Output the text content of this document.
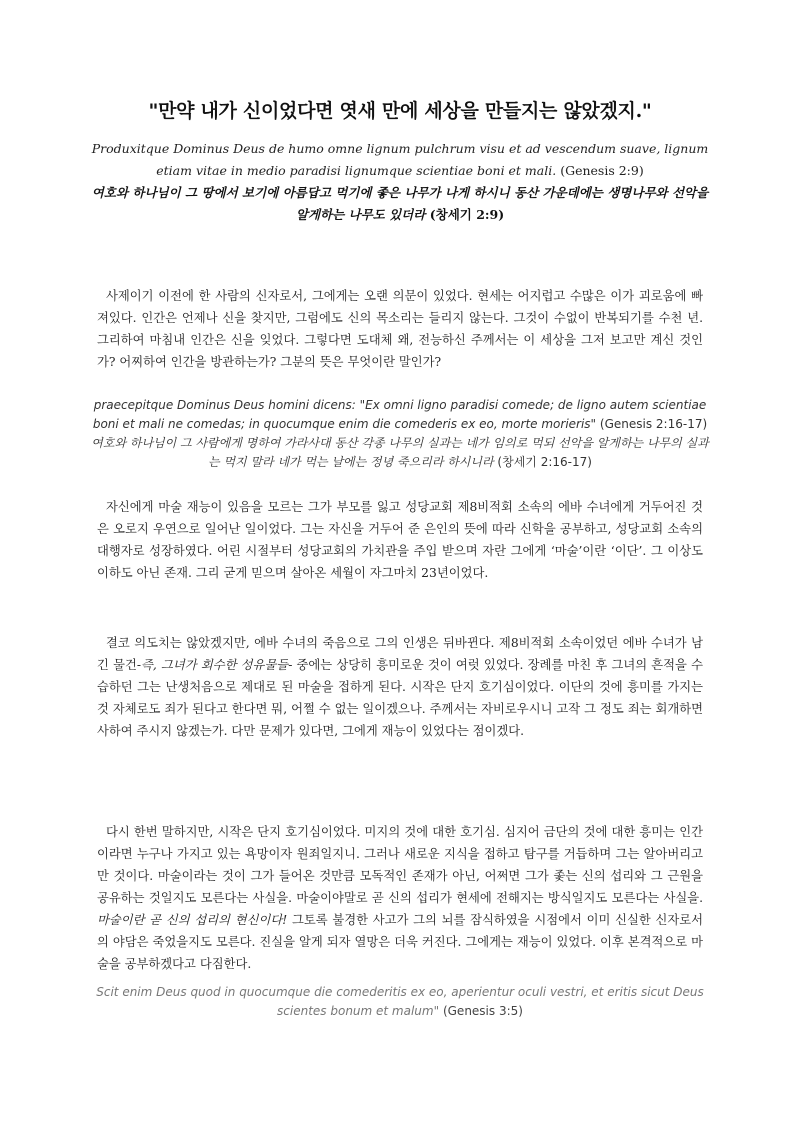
"만약 내가 신이었다면 엿새 만에 세상을 만들지는 않았겠지."
Produxitque Dominus Deus de humo omne lignum pulchrum visu et ad vescendum suave, lignum etiam vitae in medio paradisi lignumque scientiae boni et mali. (Genesis 2:9)
여호와 하나님이 그 땅에서 보기에 아름답고 먹기에 좋은 나무가 나게 하시니 동산 가운데에는 생명나무와 선악을 알게하는 나무도 있더라 (창세기 2:9)
사제이기 이전에 한 사람의 신자로서, 그에게는 오랜 의문이 있었다. 현세는 어지럽고 수많은 이가 괴로움에 빠져있다. 인간은 언제나 신을 찾지만, 그럼에도 신의 목소리는 들리지 않는다. 그것이 수없이 반복되기를 수천 년. 그리하여 마침내 인간은 신을 잊었다. 그렇다면 도대체 왜, 전능하신 주께서는 이 세상을 그저 보고만 계신 것인가? 어찌하여 인간을 방관하는가? 그분의 뜻은 무엇이란 말인가?
praecepitque Dominus Deus homini dicens: "Ex omni ligno paradisi comede; de ligno autem scientiae boni et mali ne comedas; in quocumque enim die comederis ex eo, morte morieris" (Genesis 2:16-17)
여호와 하나님이 그 사람에게 명하여 가라사대 동산 각종 나무의 실과는 네가 임의로 먹되 선악을 알게하는 나무의 실과는 먹지 말라 네가 먹는 날에는 정녕 죽으리라 하시니라 (창세기 2:16-17)
자신에게 마술 재능이 있음을 모르는 그가 부모를 잃고 성당교회 제8비적회 소속의 에바 수녀에게 거두어진 것은 오로지 우연으로 일어난 일이었다. 그는 자신을 거두어 준 은인의 뜻에 따라 신학을 공부하고, 성당교회 소속의 대행자로 성장하였다. 어린 시절부터 성당교회의 가치관을 주입 받으며 자란 그에게 ‘마술’이란 ‘이단’. 그 이상도 이하도 아닌 존재. 그리 굳게 믿으며 살아온 세월이 자그마치 23년이었다.
결코 의도치는 않았겠지만, 에바 수녀의 죽음으로 그의 인생은 뒤바뀐다. 제8비적회 소속이었던 에바 수녀가 남긴 물건-즉, 그녀가 회수한 성유물들- 중에는 상당히 흥미로운 것이 여럿 있었다. 장례를 마친 후 그녀의 흔적을 수습하던 그는 난생처음으로 제대로 된 마술을 접하게 된다. 시작은 단지 호기심이었다. 이단의 것에 흥미를 가지는 것 자체로도 죄가 된다고 한다면 뭐, 어쩔 수 없는 일이겠으나. 주께서는 자비로우시니 고작 그 정도 죄는 회개하면 사하여 주시지 않겠는가. 다만 문제가 있다면, 그에게 재능이 있었다는 점이겠다.
다시 한번 말하지만, 시작은 단지 호기심이었다. 미지의 것에 대한 호기심. 심지어 금단의 것에 대한 흥미는 인간이라면 누구나 가지고 있는 욕망이자 원죄일지니. 그러나 새로운 지식을 접하고 탐구를 거듭하며 그는 알아버리고 만 것이다. 마술이라는 것이 그가 들어온 것만큼 모독적인 존재가 아닌, 어쩌면 그가 좇는 신의 섭리와 그 근원을 공유하는 것일지도 모른다는 사실을. 마술이야말로 곧 신의 섭리가 현세에 전해지는 방식일지도 모른다는 사실을. 마술이란 곧 신의 섭리의 현신이다! 그토록 불경한 사고가 그의 뇌를 잠식하였을 시점에서 이미 신실한 신자로서의 야담은 죽었을지도 모른다. 진실을 알게 되자 열망은 더욱 커진다. 그에게는 재능이 있었다. 이후 본격적으로 마술을 공부하겠다고 다짐한다.
Scit enim Deus quod in quocumque die comederitis ex eo, aperientur oculi vestri, et eritis sicut Deus scientes bonum et malum" (Genesis 3:5)
